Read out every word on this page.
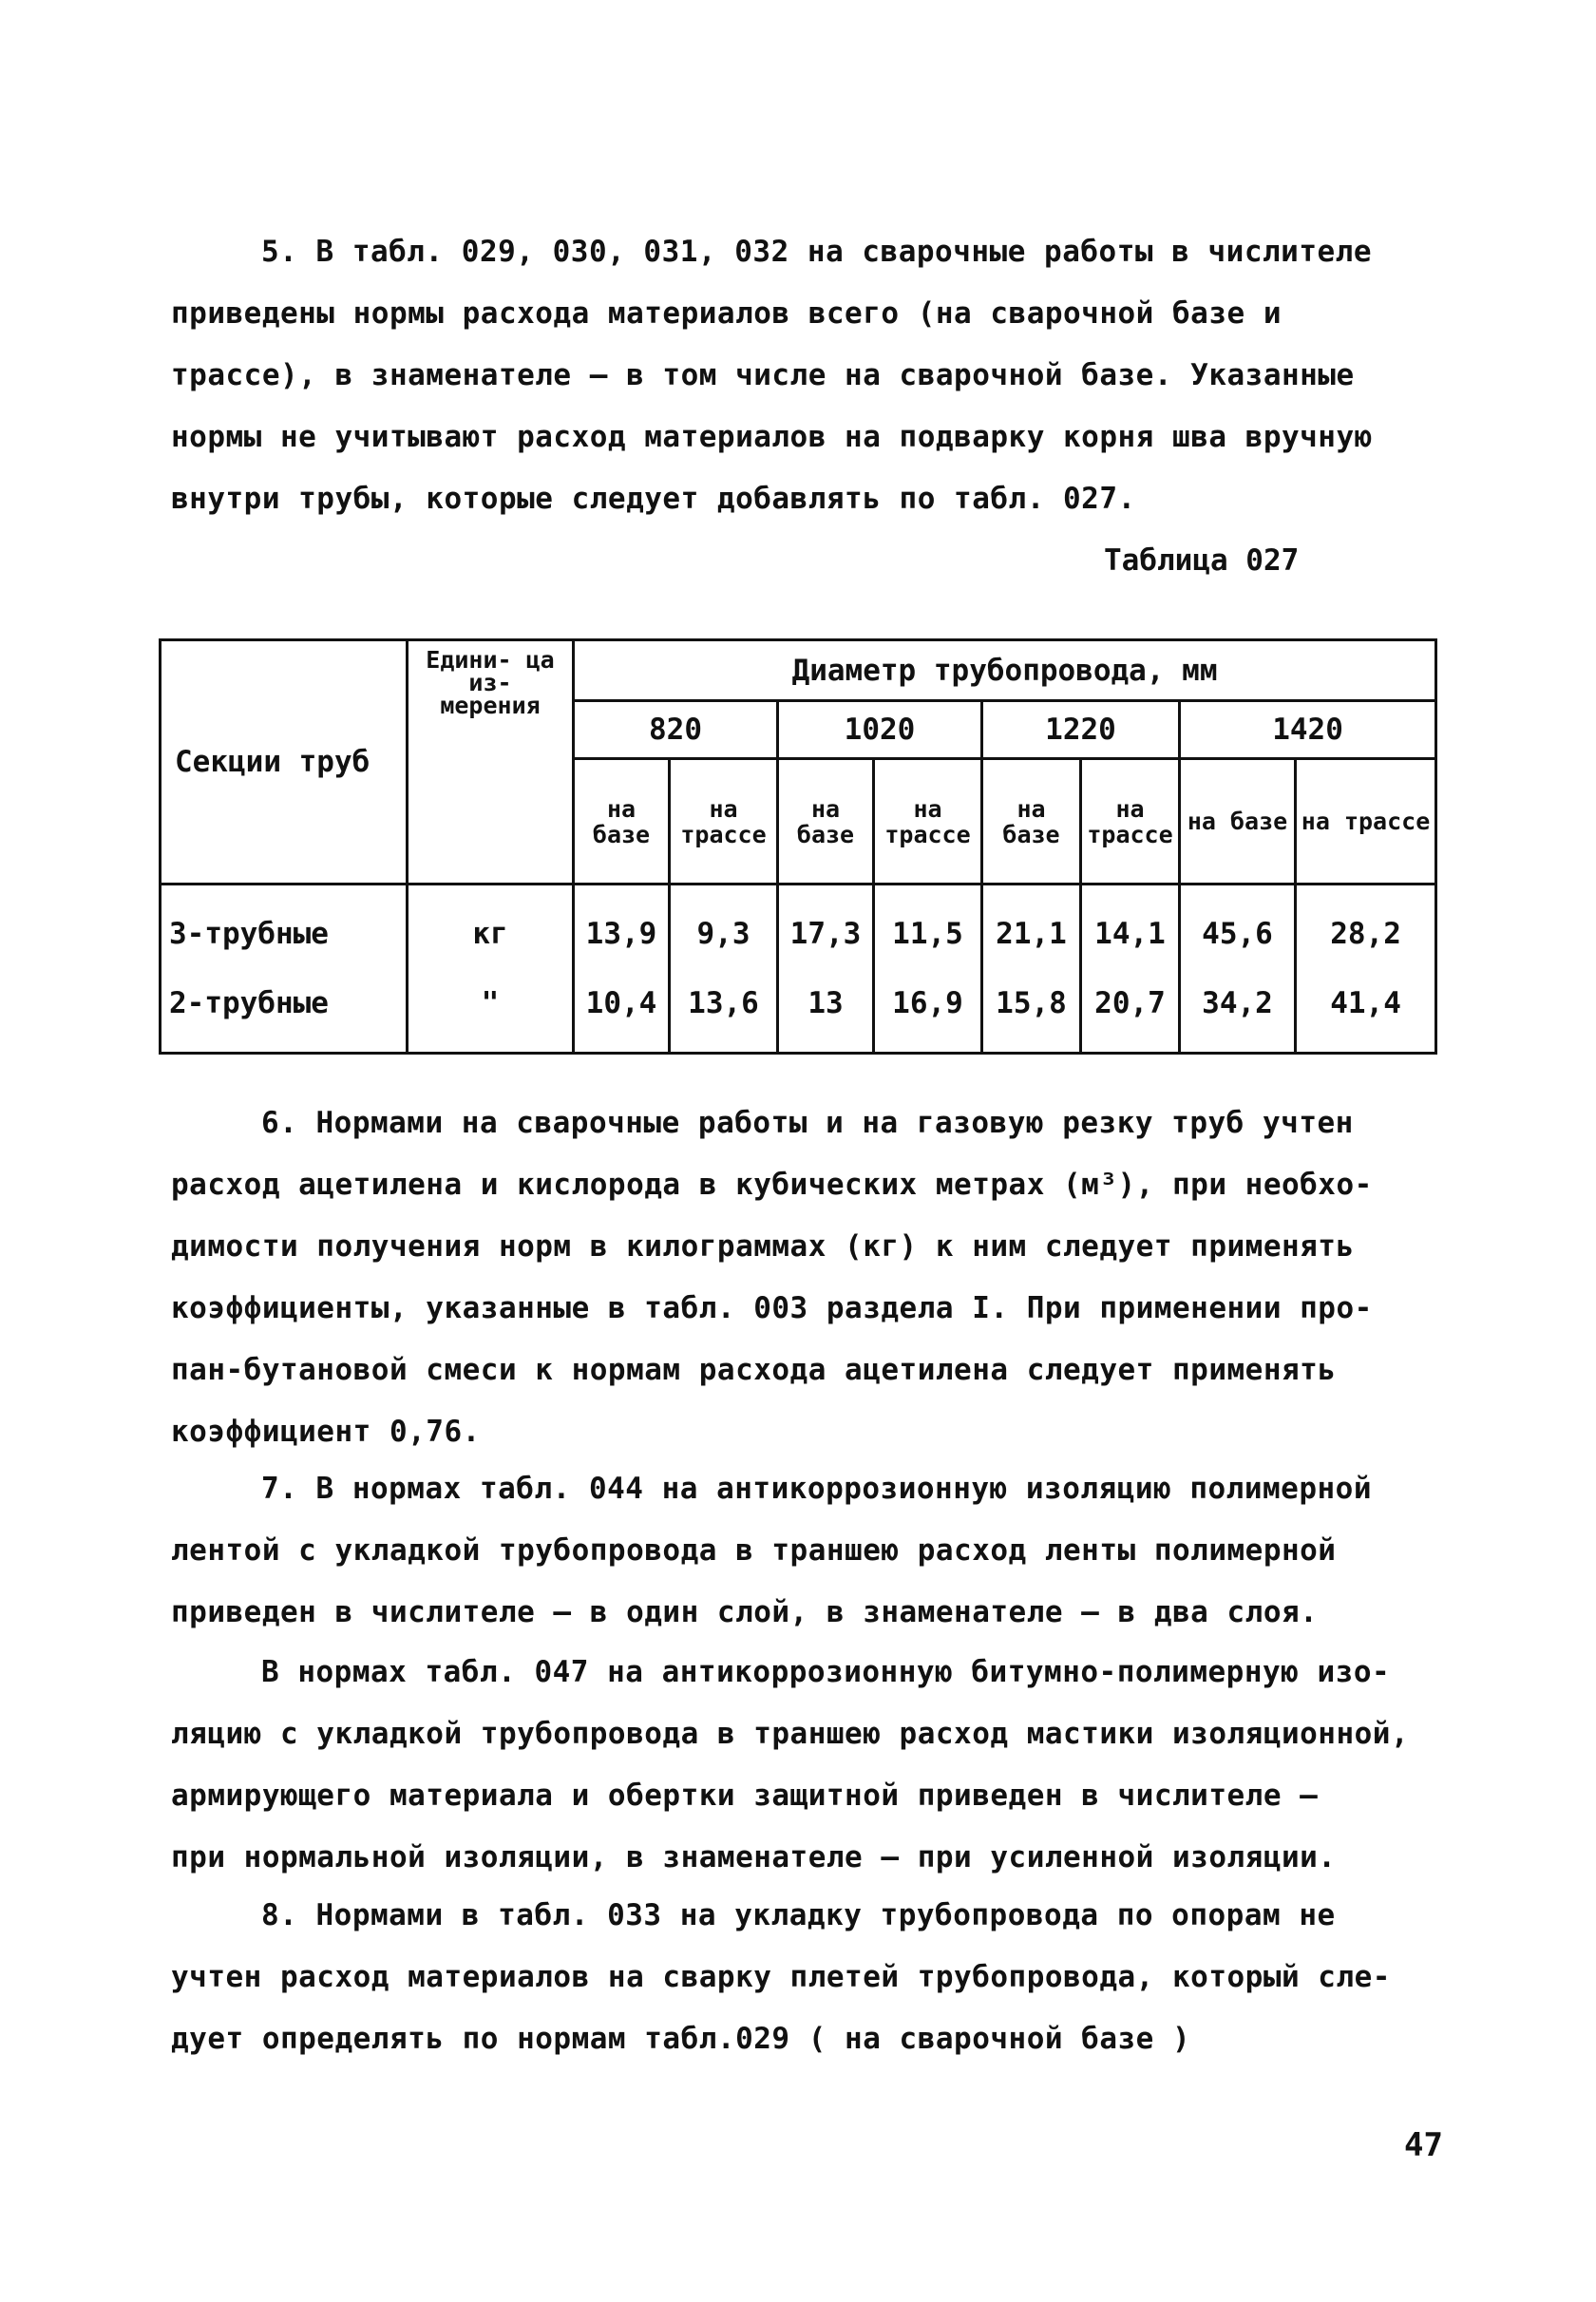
5. В табл. 029, 030, 031, 032 на сварочные работы в числителе
приведены нормы расхода материалов всего (на сварочной базе и
трассе), в знаменателе – в том числе на сварочной базе. Указанные
нормы не учитывают расход материалов на подварку корня шва вручную
внутри трубы, которые следует добавлять по табл. 027.
Таблица 027
Секции труб	Едини- ца из- мерения	Диаметр трубопровода, мм							
		820		1020		1220		1420	
		на базе	на трассе	на базе	на трассе	на базе	на трассе	на базе	на трассе
3-трубные	кг	13,9	9,3	17,3	11,5	21,1	14,1	45,6	28,2
2-трубные	"	10,4	13,6	13	16,9	15,8	20,7	34,2	41,4
6. Нормами на сварочные работы и на газовую резку труб учтен
расход ацетилена и кислорода в кубических метрах (м³), при необхо-
димости получения норм в килограммах (кг) к ним следует применять
коэффициенты, указанные в табл. 003 раздела I. При применении про-
пан-бутановой смеси к нормам расхода ацетилена следует применять
коэффициент 0,76.
7. В нормах табл. 044 на антикоррозионную изоляцию полимерной
лентой с укладкой трубопровода в траншею расход ленты полимерной
приведен в числителе – в один слой, в знаменателе – в два слоя.
В нормах табл. 047 на антикоррозионную битумно-полимерную изо-
ляцию с укладкой трубопровода в траншею расход мастики изоляционной,
армирующего материала и обертки защитной приведен в числителе –
при нормальной изоляции, в знаменателе – при усиленной изоляции.
8. Нормами в табл. 033 на укладку трубопровода по опорам не
учтен расход материалов на сварку плетей трубопровода, который сле-
дует определять по нормам табл.029 ( на сварочной базе )
47
